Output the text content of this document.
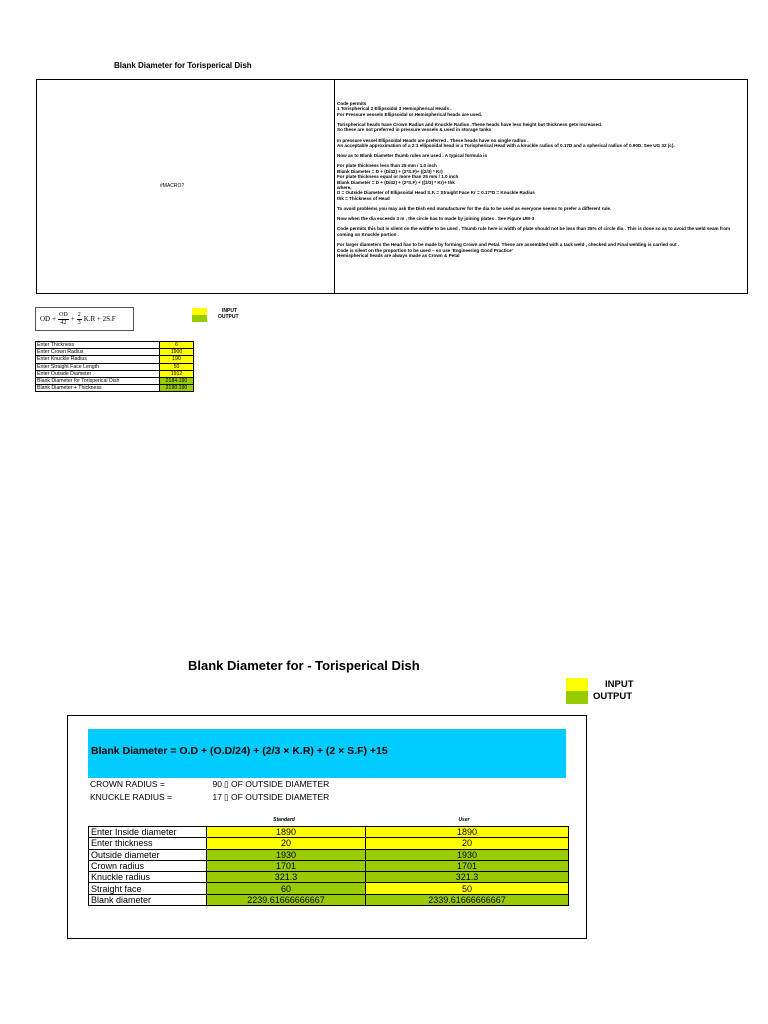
Blank Diameter for Torisperical Dish
#MACRO?

Code permits
1 Torispherical 2 Ellipsoidal 3 Hemispherical Heads .
For Pressure vessels Ellipsoidal or Hemispherical heads are used.

Torispherical heads have Crown Radius and Knuckle Radius .These heads have less height but thickness gets increased.
So these are not preferred in pressure vessels & used in storage tanks

In pressure vessel Ellipsoidal Heads are preferred . These heads have no single radius .
An acceptable approximation of a 2:1 ellipsoidal head is a Torispherical Head with a knuckle radius of 0.17D and a spherical radius of 0.90D. See UG 32 (c).

Now as to Blank Diameter thumb rules are used . A typical formula is

For plate thickness less than 25 mm / 1.0 inch
Blank Diameter = D + (D/42) + (2*S.F)+ ((2/3) * Kr)
For plate thickness equal or more than 25 mm / 1.0 inch
Blank Diameter = D + (D/42) + (2*S.F) + ((2/3) * Kr)+ thk
where,
D = Outside Diameter of Ellipsoidal Head S.F. = Straight Face Kr = 0.17*D = Knuckle Radius
thk = Thickness of Head

To avoid problems you may ask the Dish end manufacturer for the dia to be used as everyone seems to prefer a different rule.

Now when the dia exceeds 3 m , the circle has to made by joining plates . See Figure UW-3

Code permits this but is silent on the widthe to be used . Thumb rule here is width of plate should not be less than 25% of circle dia . This is done so as to avoid the weld seam from coming on Knuckle portion .

For larger diameters the Head has to be made by forming Crown and Petal. These are assembled with a tack weld , checked and Final welding is carried out .
Code is silent on the proportion to be used – so use 'Engineering Good Practice'
Hemispherical heads are always made as Crown & Petal

OD + $\frac{OD}{42} + \frac{2}{3} K.R + 2S.F$
INPUT
OUTPUT
Enter Thickness	6
Enter Crown Radius	1900
Enter Knuckle Radius	190
Enter Straight Face Length	50
Enter Outside Diameter	1912
Blank Diameter for Torisperical Dish	2184.190
Blank Diameter + Thickness	2190.190
Blank Diameter for - Torisperical Dish
INPUT
OUTPUT
Blank Diameter = O.D + (O.D/24) + (2/3 × K.R) + (2 × S.F) +15
CROWN RADIUS =	90 ▯ OF OUTSIDE DIAMETER
KNUCKLE RADIUS =	17 ▯ OF OUTSIDE DIAMETER
Standard	User
Enter Inside diameter	1890	1890
Enter thickness	20	20
Outside diameter	1930	1930
Crown radius	1701	1701
Knuckle radius	321.3	321.3
Straight face	60	50
Blank diameter	2239.61666666667	2339.61666666667
